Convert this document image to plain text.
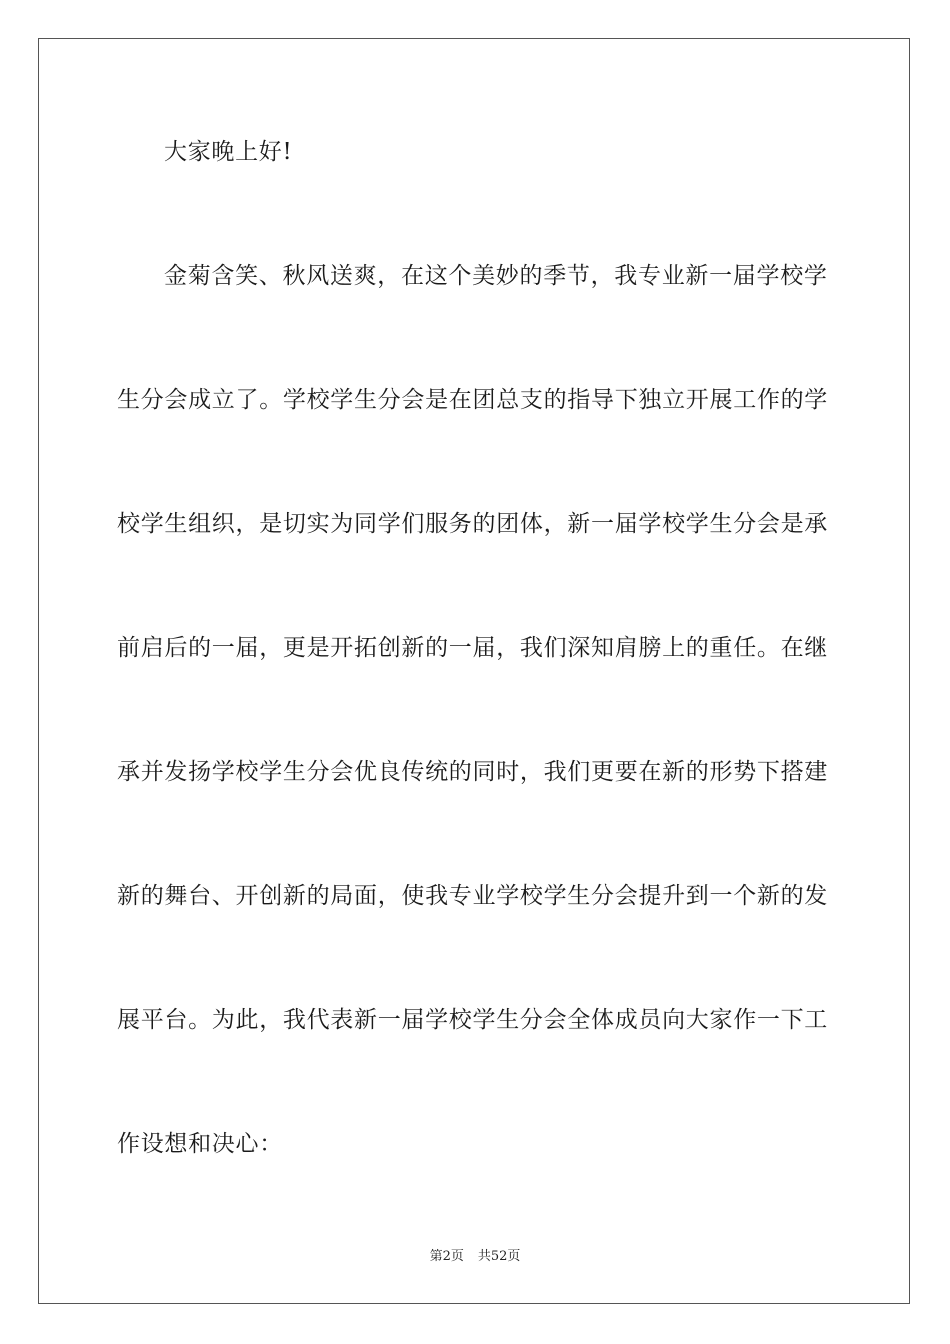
大家晚上好!
金菊含笑、秋风送爽，在这个美妙的季节，我专业新一届学校学
生分会成立了。学校学生分会是在团总支的指导下独立开展工作的学
校学生组织，是切实为同学们服务的团体，新一届学校学生分会是承
前启后的一届，更是开拓创新的一届，我们深知肩膀上的重任。在继
承并发扬学校学生分会优良传统的同时，我们更要在新的形势下搭建
新的舞台、开创新的局面，使我专业学校学生分会提升到一个新的发
展平台。为此，我代表新一届学校学生分会全体成员向大家作一下工
作设想和决心：
第2页 共52页
